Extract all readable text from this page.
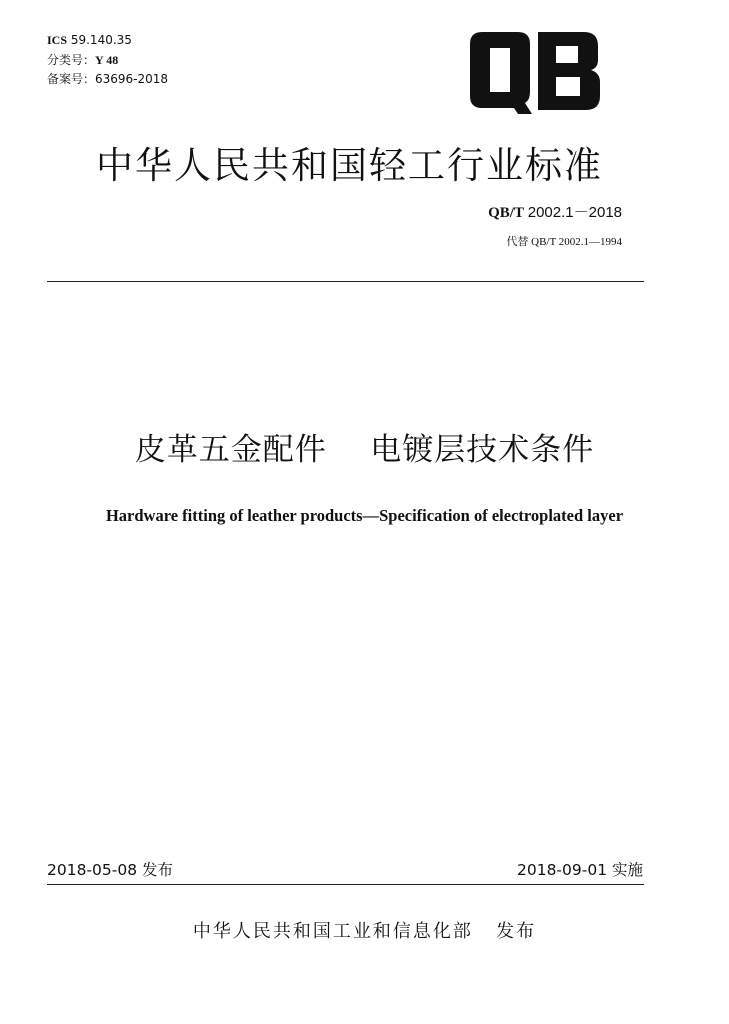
ICS 59.140.35
分类号：Y 48
备案号：63696-2018
中华人民共和国轻工行业标准
QB/T 2002.1－2018
代替 QB/T 2002.1—1994
皮革五金配件    电镀层技术条件
Hardware fitting of leather products—Specification of electroplated layer
2018-05-08 发布	2018-09-01 实施
中华人民共和国工业和信息化部   发布
